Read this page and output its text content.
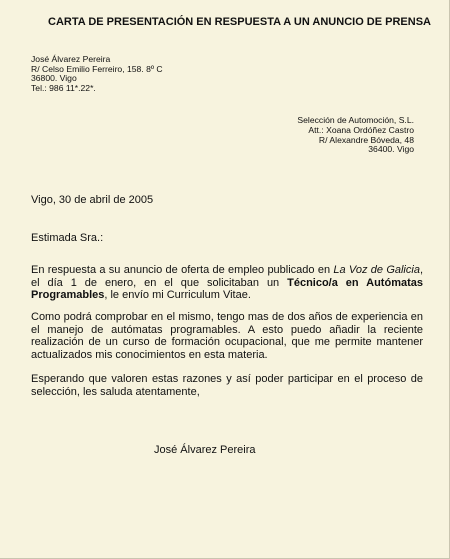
CARTA DE PRESENTACIÓN EN RESPUESTA A UN ANUNCIO DE PRENSA
José Álvarez Pereira
R/ Celso Emilio Ferreiro, 158. 8º C
36800. Vigo
Tel.: 986 11*.22*.
Selección de Automoción, S.L.
Att.: Xoana Ordóñez Castro
R/ Alexandre Bóveda, 48
36400. Vigo
Vigo, 30 de abril de 2005
Estimada Sra.:
En respuesta a su anuncio de oferta de empleo publicado en La Voz de Galicia, el día 1 de enero, en el que solicitaban un Técnico/a en Autómatas Programables, le envío mi Curriculum Vitae.
Como podrá comprobar en el mismo, tengo mas de dos años de experiencia en el manejo de autómatas programables. A esto puedo añadir la reciente realización de un curso de formación ocupacional, que me permite mantener actualizados mis conocimientos en esta materia.
Esperando que valoren estas razones y así poder participar en el proceso de selección, les saluda atentamente,
José Álvarez Pereira
